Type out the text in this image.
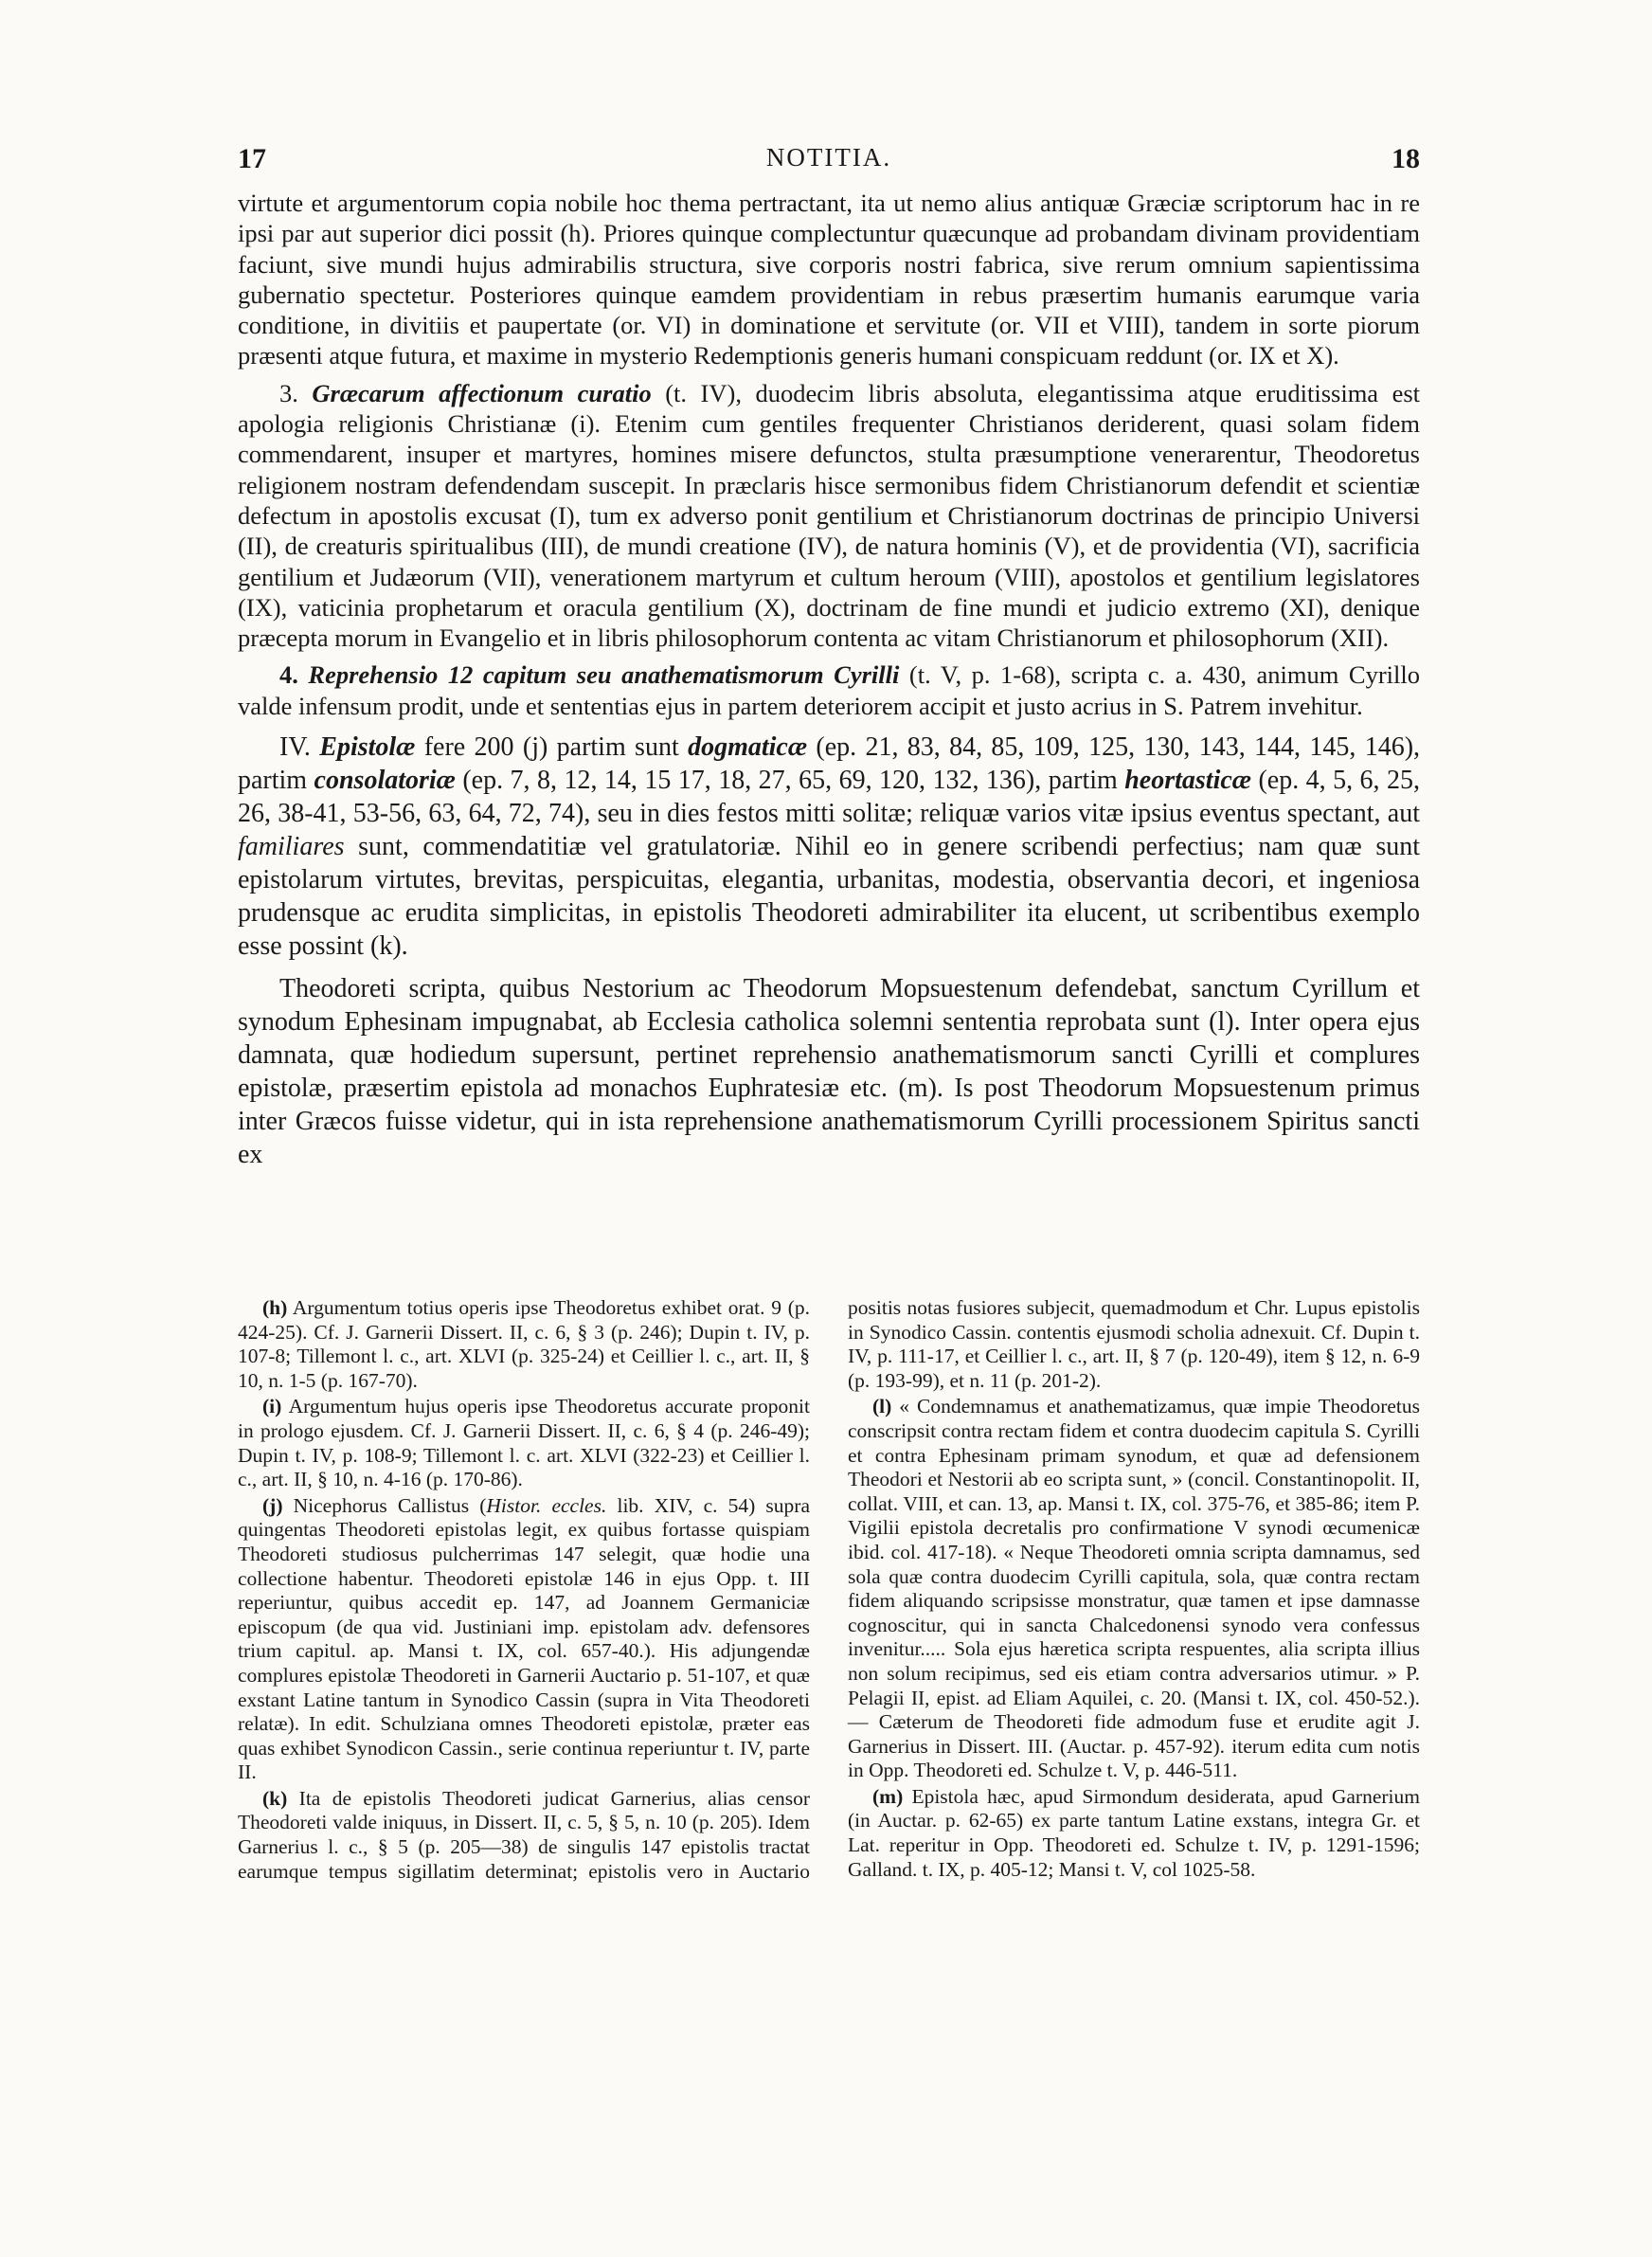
17	NOTITIA.	18

virtute et argumentorum copia nobile hoc thema pertractant, ita ut nemo alius antiquæ Græciæ scriptorum hac in re ipsi par aut superior dici possit (h). Priores quinque complectuntur quæcunque ad probandam divinam providentiam faciunt, sive mundi hujus admirabilis structura, sive corporis nostri fabrica, sive rerum omnium sapientissima gubernatio spectetur. Posteriores quinque eamdem providentiam in rebus præsertim humanis earumque varia conditione, in divitiis et paupertate (or. VI) in dominatione et servitute (or. VII et VIII), tandem in sorte piorum præsenti atque futura, et maxime in mysterio Redemptionis generis humani conspicuam reddunt (or. IX et X).

3. Græcarum affectionum curatio (t. IV), duodecim libris absoluta, elegantissima atque eruditissima est apologia religionis Christianæ (i). Etenim cum gentiles frequenter Christianos deriderent, quasi solam fidem commendarent, insuper et martyres, homines misere defunctos, stulta præsumptione venerarentur, Theodoretus religionem nostram defendendam suscepit. In præclaris hisce sermonibus fidem Christianorum defendit et scientiæ defectum in apostolis excusat (I), tum ex adverso ponit gentilium et Christianorum doctrinas de principio Universi (II), de creaturis spiritualibus (III), de mundi creatione (IV), de natura hominis (V), et de providentia (VI), sacrificia gentilium et Judæorum (VII), venerationem martyrum et cultum heroum (VIII), apostolos et gentilium legislatores (IX), vaticinia prophetarum et oracula gentilium (X), doctrinam de fine mundi et judicio extremo (XI), denique præcepta morum in Evangelio et in libris philosophorum contenta ac vitam Christianorum et philosophorum (XII).

4. Reprehensio 12 capitum seu anathematismorum Cyrilli (t. V, p. 1-68), scripta c. a. 430, animum Cyrillo valde infensum prodit, unde et sententias ejus in partem deteriorem accipit et justo acrius in S. Patrem invehitur.

IV. Epistolæ fere 200 (j) partim sunt dogmaticæ (ep. 21, 83, 84, 85, 109, 125, 130, 143, 144, 145, 146), partim consolatoriæ (ep. 7, 8, 12, 14, 15 17, 18, 27, 65, 69, 120, 132, 136), partim heortasticæ (ep. 4, 5, 6, 25, 26, 38-41, 53-56, 63, 64, 72, 74), seu in dies festos mitti solitæ; reliquæ varios vitæ ipsius eventus spectant, aut familiares sunt, commendatitiæ vel gratulatoriæ. Nihil eo in genere scribendi perfectius; nam quæ sunt epistolarum virtutes, brevitas, perspicuitas, elegantia, urbanitas, modestia, observantia decori, et ingeniosa prudensque ac erudita simplicitas, in epistolis Theodoreti admirabiliter ita elucent, ut scribentibus exemplo esse possint (k).

Theodoreti scripta, quibus Nestorium ac Theodorum Mopsuestenum defendebat, sanctum Cyrillum et synodum Ephesinam impugnabat, ab Ecclesia catholica solemni sententia reprobata sunt (l). Inter opera ejus damnata, quæ hodiedum supersunt, pertinet reprehensio anathematismorum sancti Cyrilli et complures epistolæ, præsertim epistola ad monachos Euphratesiæ etc. (m). Is post Theodorum Mopsuestenum primus inter Græcos fuisse videtur, qui in ista reprehensione anathematismorum Cyrilli processionem Spiritus sancti ex

(h) Argumentum totius operis ipse Theodoretus exhibet orat. 9 (p. 424-25). Cf. J. Garnerii Dissert. II, c. 6, § 3 (p. 246); Dupin t. IV, p. 107-8; Tillemont l. c., art. XLVI (p. 325-24) et Ceillier l. c., art. II, § 10, n. 1-5 (p. 167-70).

(i) Argumentum hujus operis ipse Theodoretus accurate proponit in prologo ejusdem. Cf. J. Garnerii Dissert. II, c. 6, § 4 (p. 246-49); Dupin t. IV, p. 108-9; Tillemont l. c. art. XLVI (322-23) et Ceillier l. c., art. II, § 10, n. 4-16 (p. 170-86).

(j) Nicephorus Callistus (Histor. eccles. lib. XIV, c. 54) supra quingentas Theodoreti epistolas legit, ex quibus fortasse quispiam Theodoreti studiosus pulcherrimas 147 selegit, quæ hodie una collectione habentur. Theodoreti epistolæ 146 in ejus Opp. t. III reperiuntur, quibus accedit ep. 147, ad Joannem Germaniciæ episcopum (de qua vid. Justiniani imp. epistolam adv. defensores trium capitul. ap. Mansi t. IX, col. 657-40.). His adjungendæ complures epistolæ Theodoreti in Garnerii Auctario p. 51-107, et quæ exstant Latine tantum in Synodico Cassin (supra in Vita Theodoreti relatæ). In edit. Schulziana omnes Theodoreti epistolæ, præter eas quas exhibet Synodicon Cassin., serie continua reperiuntur t. IV, parte II.

(k) Ita de epistolis Theodoreti judicat Garnerius, alias censor Theodoreti valde iniquus, in Dissert. II, c. 5, § 5, n. 10 (p. 205). Idem Garnerius l. c., § 5 (p. 205—38) de singulis 147 epistolis tractat earumque tempus sigillatim determinat; epistolis vero in Auctario positis notas fusiores subjecit, quemadmodum et Chr. Lupus epistolis in Synodico Cassin. contentis ejusmodi scholia adnexuit. Cf. Dupin t. IV, p. 111-17, et Ceillier l. c., art. II, § 7 (p. 120-49), item § 12, n. 6-9 (p. 193-99), et n. 11 (p. 201-2).

(l) « Condemnamus et anathematizamus, quæ impie Theodoretus conscripsit contra rectam fidem et contra duodecim capitula S. Cyrilli et contra Ephesinam primam synodum, et quæ ad defensionem Theodori et Nestorii ab eo scripta sunt, » (concil. Constantinopolit. II, collat. VIII, et can. 13, ap. Mansi t. IX, col. 375-76, et 385-86; item P. Vigilii epistola decretalis pro confirmatione V synodi œcumenicæ ibid. col. 417-18). « Neque Theodoreti omnia scripta damnamus, sed sola quæ contra duodecim Cyrilli capitula, sola, quæ contra rectam fidem aliquando scripsisse monstratur, quæ tamen et ipse damnasse cognoscitur, qui in sancta Chalcedonensi synodo vera confessus invenitur..... Sola ejus hæretica scripta respuentes, alia scripta illius non solum recipimus, sed eis etiam contra adversarios utimur. » P. Pelagii II, epist. ad Eliam Aquilei, c. 20. (Mansi t. IX, col. 450-52.). — Cæterum de Theodoreti fide admodum fuse et erudite agit J. Garnerius in Dissert. III. (Auctar. p. 457-92). iterum edita cum notis in Opp. Theodoreti ed. Schulze t. V, p. 446-511.

(m) Epistola hæc, apud Sirmondum desiderata, apud Garnerium (in Auctar. p. 62-65) ex parte tantum Latine exstans, integra Gr. et Lat. reperitur in Opp. Theodoreti ed. Schulze t. IV, p. 1291-1596; Galland. t. IX, p. 405-12; Mansi t. V, col 1025-58.
